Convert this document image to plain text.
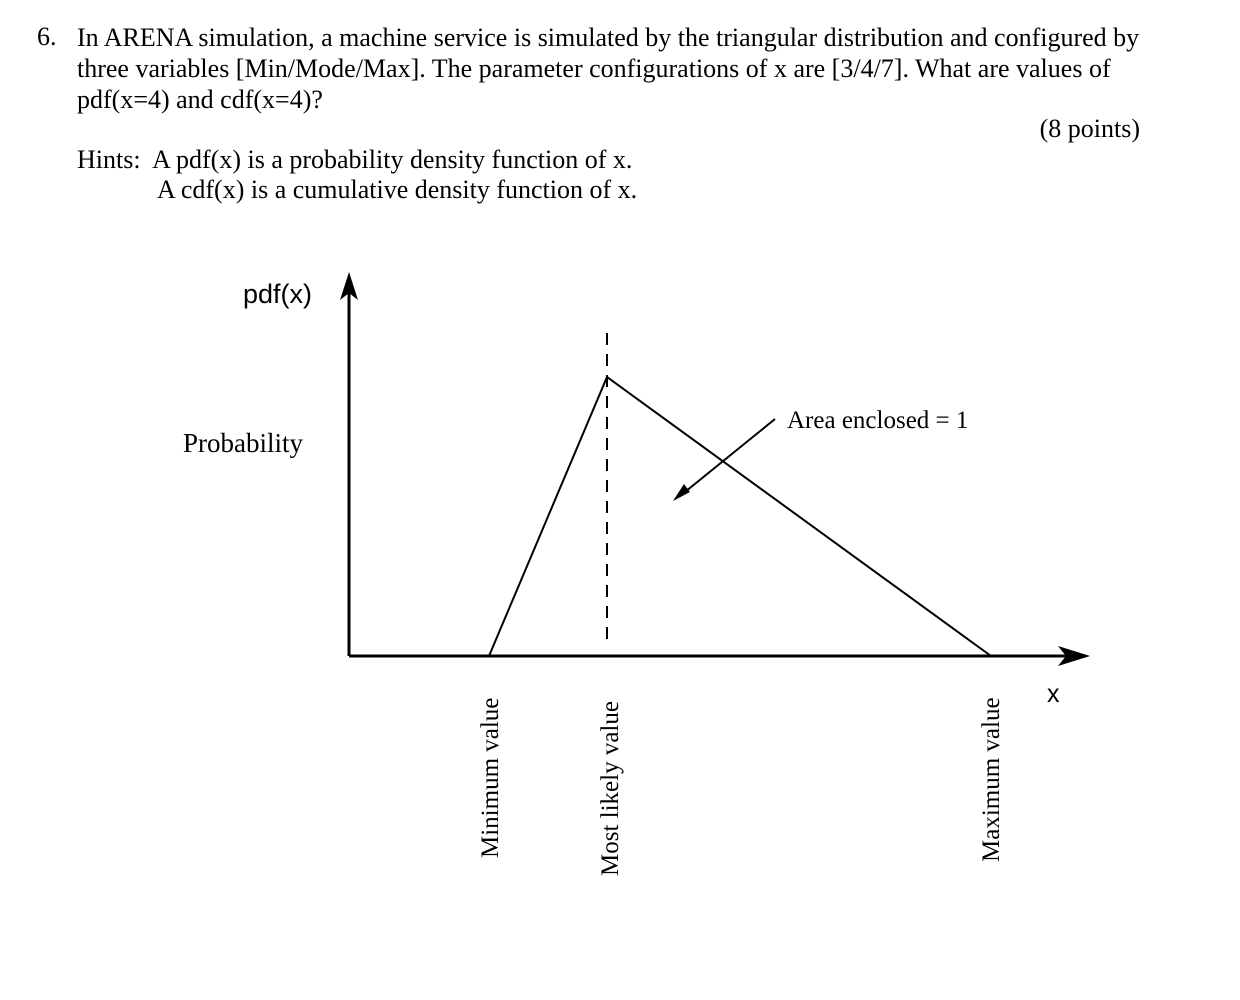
6. In ARENA simulation, a machine service is simulated by the triangular distribution and configured by
three variables [Min/Mode/Max]. The parameter configurations of x are [3/4/7]. What are values of
pdf(x=4) and cdf(x=4)?
(8 points)
Hints: A pdf(x) is a probability density function of x.
A cdf(x) is a cumulative density function of x.
pdf(x)
Probability
Area enclosed = 1
x
Minimum value	Most likely value	Maximum value
